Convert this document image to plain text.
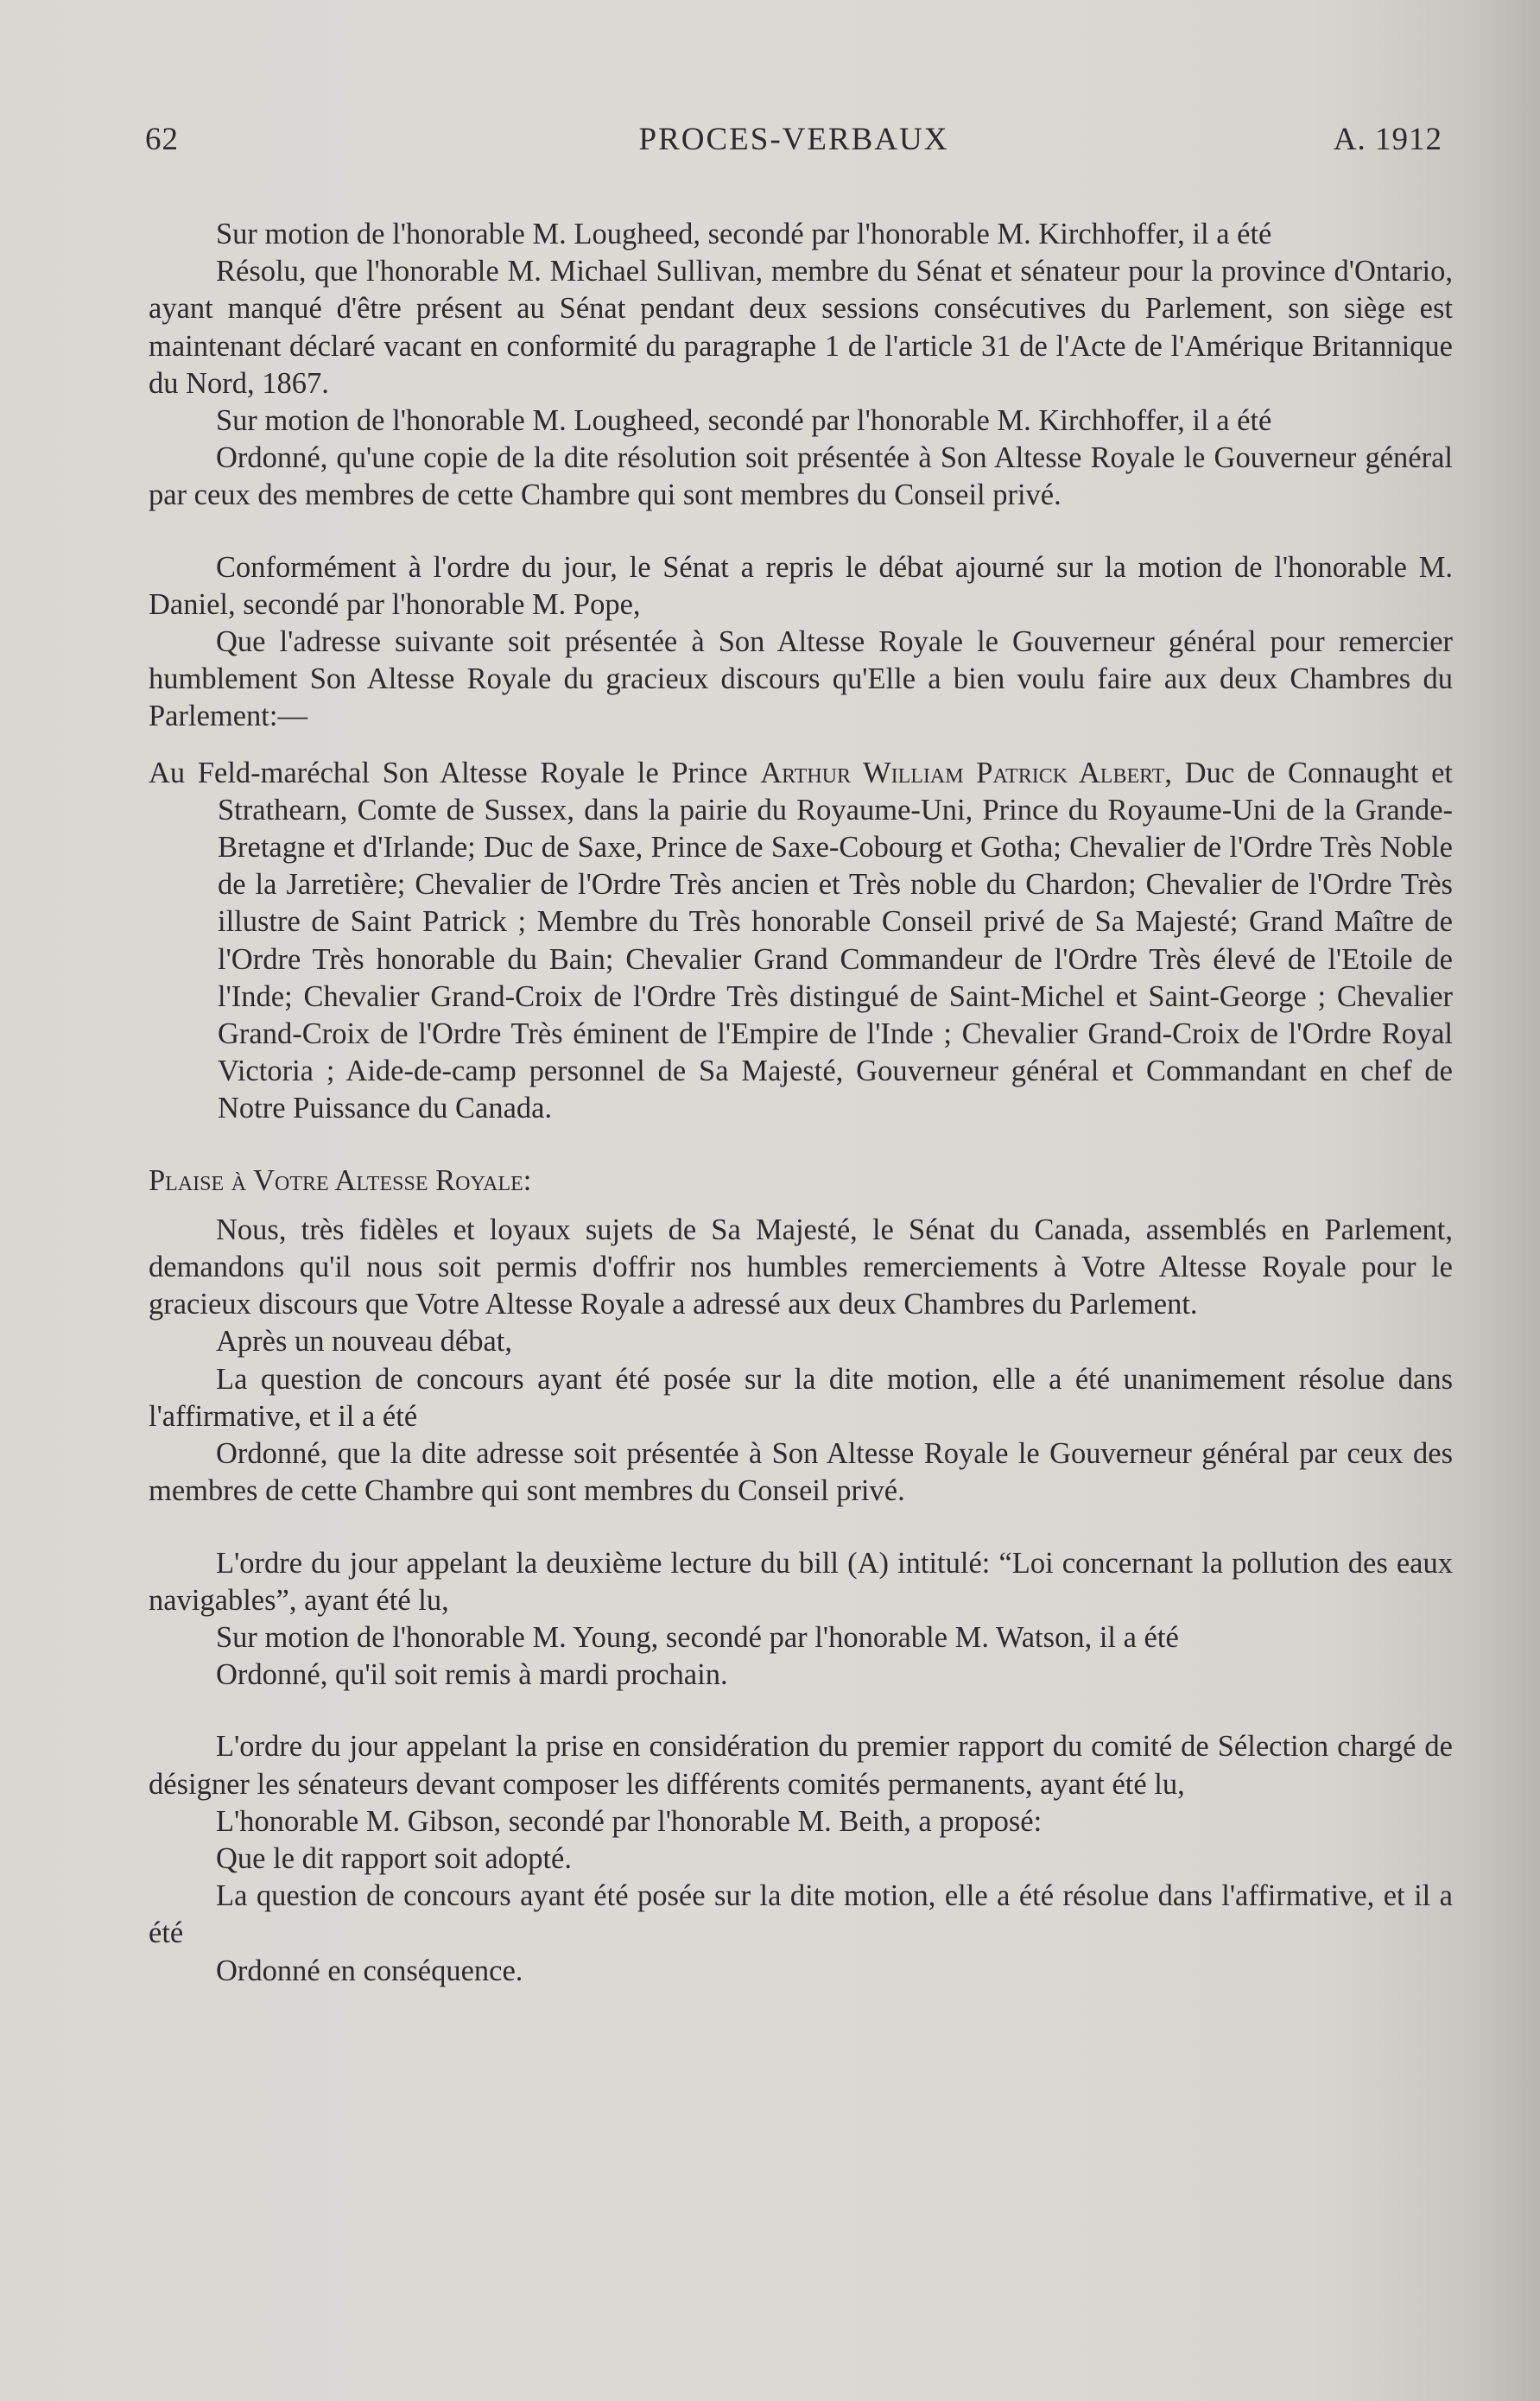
62	PROCES-VERBAUX	A. 1912

Sur motion de l'honorable M. Lougheed, secondé par l'honorable M. Kirchhoffer, il a été

Résolu, que l'honorable M. Michael Sullivan, membre du Sénat et sénateur pour la province d'Ontario, ayant manqué d'être présent au Sénat pendant deux sessions consécutives du Parlement, son siège est maintenant déclaré vacant en conformité du paragraphe 1 de l'article 31 de l'Acte de l'Amérique Britannique du Nord, 1867.

Sur motion de l'honorable M. Lougheed, secondé par l'honorable M. Kirchhoffer, il a été

Ordonné, qu'une copie de la dite résolution soit présentée à Son Altesse Royale le Gouverneur général par ceux des membres de cette Chambre qui sont membres du Conseil privé.

Conformément à l'ordre du jour, le Sénat a repris le débat ajourné sur la motion de l'honorable M. Daniel, secondé par l'honorable M. Pope,

Que l'adresse suivante soit présentée à Son Altesse Royale le Gouverneur général pour remercier humblement Son Altesse Royale du gracieux discours qu'Elle a bien voulu faire aux deux Chambres du Parlement:—

Au Feld-maréchal Son Altesse Royale le Prince Arthur William Patrick Albert, Duc de Connaught et Strathearn, Comte de Sussex, dans la pairie du Royaume-Uni, Prince du Royaume-Uni de la Grande-Bretagne et d'Irlande; Duc de Saxe, Prince de Saxe-Cobourg et Gotha; Chevalier de l'Ordre Très Noble de la Jarretière; Chevalier de l'Ordre Très ancien et Très noble du Chardon; Chevalier de l'Ordre Très illustre de Saint Patrick ; Membre du Très honorable Conseil privé de Sa Majesté; Grand Maître de l'Ordre Très honorable du Bain; Chevalier Grand Commandeur de l'Ordre Très élevé de l'Etoile de l'Inde; Chevalier Grand-Croix de l'Ordre Très distingué de Saint-Michel et Saint-George ; Chevalier Grand-Croix de l'Ordre Très éminent de l'Empire de l'Inde ; Chevalier Grand-Croix de l'Ordre Royal Victoria ; Aide-de-camp personnel de Sa Majesté, Gouverneur général et Commandant en chef de Notre Puissance du Canada.

Plaise à Votre Altesse Royale:

Nous, très fidèles et loyaux sujets de Sa Majesté, le Sénat du Canada, assemblés en Parlement, demandons qu'il nous soit permis d'offrir nos humbles remerciements à Votre Altesse Royale pour le gracieux discours que Votre Altesse Royale a adressé aux deux Chambres du Parlement.

Après un nouveau débat,

La question de concours ayant été posée sur la dite motion, elle a été unanimement résolue dans l'affirmative, et il a été

Ordonné, que la dite adresse soit présentée à Son Altesse Royale le Gouverneur général par ceux des membres de cette Chambre qui sont membres du Conseil privé.

L'ordre du jour appelant la deuxième lecture du bill (A) intitulé: “Loi concernant la pollution des eaux navigables”, ayant été lu,

Sur motion de l'honorable M. Young, secondé par l'honorable M. Watson, il a été

Ordonné, qu'il soit remis à mardi prochain.

L'ordre du jour appelant la prise en considération du premier rapport du comité de Sélection chargé de désigner les sénateurs devant composer les différents comités permanents, ayant été lu,

L'honorable M. Gibson, secondé par l'honorable M. Beith, a proposé:

Que le dit rapport soit adopté.

La question de concours ayant été posée sur la dite motion, elle a été résolue dans l'affirmative, et il a été

Ordonné en conséquence.
